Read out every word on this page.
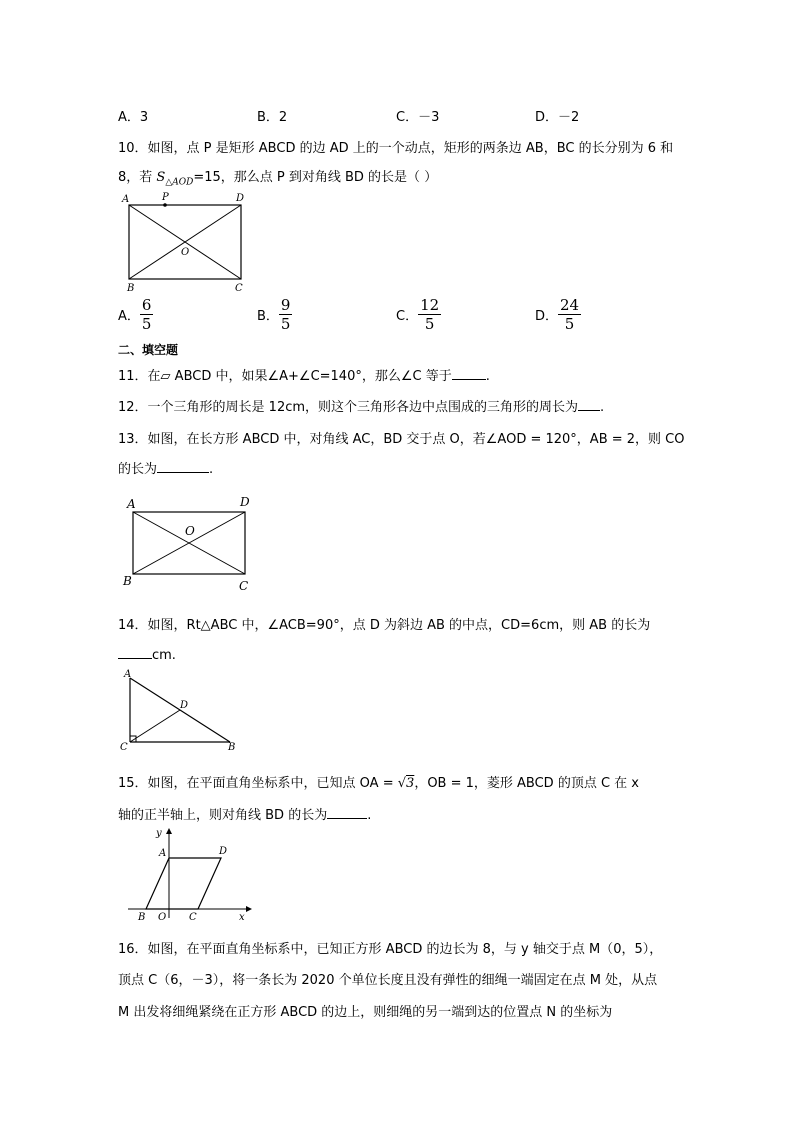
A．3	B．2	C．－3	D．－2
10．如图，点 P 是矩形 ABCD 的边 AD 上的一个动点，矩形的两条边 AB，BC 的长分别为 6 和
8，若 $S_{\triangle AOD}=15$，那么点 P 到对角线 BD 的长是（ ）
A	P	D
O
B	C
A． $\frac{6}{5}$	B． $\frac{9}{5}$	C． $\frac{12}{5}$	D． $\frac{24}{5}$
二、填空题
11．在▱ ABCD 中，如果∠A+∠C=140°，那么∠C 等于	.
12．一个三角形的周长是 12cm，则这个三角形各边中点围成的三角形的周长为 .
13．如图，在长方形 ABCD 中，对角线 AC，BD 交于点 O，若∠AOD = 120°，AB = 2，则 CO
的长为	.
A	D
O
B	C
14．如图，Rt△ABC 中，∠ACB=90°，点 D 为斜边 AB 的中点，CD=6cm，则 AB 的长为
cm.
A
D
C	B
15．如图，在平面直角坐标系中，已知点 OA = √3，OB = 1，菱形 ABCD 的顶点 C 在 x
轴的正半轴上，则对角线 BD 的长为	.
y
A	D
B O C	x
16．如图，在平面直角坐标系中，已知正方形 ABCD 的边长为 8，与 y 轴交于点 M（0，5），
顶点 C（6，－3），将一条长为 2020 个单位长度且没有弹性的细绳一端固定在点 M 处，从点
M 出发将细绳紧绕在正方形 ABCD 的边上，则细绳的另一端到达的位置点 N 的坐标为
